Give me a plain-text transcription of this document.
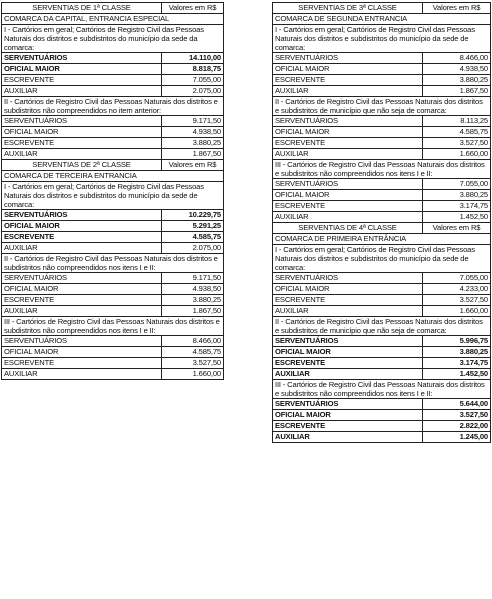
SERVENTIAS DE 1ª CLASSE	Valores em R$
COMARCA DA CAPITAL, ENTRANCIA ESPECIAL	
I - Cartórios em geral; Cartórios de Registro Civil das Pessoas Naturais dos distritos e subdistritos do município da sede da comarca:	
SERVENTUÁRIOS	14.110,00
OFICIAL MAIOR	8.818,75
ESCREVENTE	7.055,00
AUXILIAR	2.075,00
II - Cartórios de Registro Civil das Pessoas Naturais dos distritos e subdistritos não compreendidos no item anterior:	
SERVENTUÁRIOS	9.171,50
OFICIAL MAIOR	4.938,50
ESCREVENTE	3.880,25
AUXILIAR	1.867,50
SERVENTIAS DE 2ª CLASSE	Valores em R$
COMARCA DE TERCEIRA ENTRANCIA	
I - Cartórios em geral; Cartórios de Registro Civil das Pessoas Naturais dos distritos e subdistritos do município da sede de comarca:	
SERVENTUÁRIOS	10.229,75
OFICIAL MAIOR	5.291,25
ESCREVENTE	4.585,75
AUXILIAR	2.075,00
II - Cartórios de Registro Civil das Pessoas Naturais dos distritos e subdistritos não compreendidos nos itens I e II:	
SERVENTUÁRIOS	9.171,50
OFICIAL MAIOR	4.938,50
ESCREVENTE	3.880,25
AUXILIAR	1.867,50
III - Cartórios de Registro Civil das Pessoas Naturais dos distritos e subdistritos não compreendidos nos itens I e II:	
SERVENTUÁRIOS	8.466,00
OFICIAL MAIOR	4.585,75
ESCREVENTE	3.527,50
AUXILIAR	1.660,00
SERVENTIAS DE 3ª CLASSE	Valores em R$
COMARCA DE SEGUNDA ENTRANCIA	
I - Cartórios em geral; Cartórios de Registro Civil das Pessoas Naturais dos distritos e subdistritos do município da sede de comarca:	
SERVENTUÁRIOS	8.466,00
OFICIAL MAIOR	4.938,50
ESCREVENTE	3.880,25
AUXILIAR	1.867,50
II - Cartórios de Registro Civil das Pessoas Naturais dos distritos e subdistritos de município que não seja de comarca:	
SERVENTUÁRIOS	8.113,25
OFICIAL MAIOR	4.585,75
ESCREVENTE	3.527,50
AUXILIAR	1.660,00
III - Cartórios de Registro Civil das Pessoas Naturais dos distritos e subdistritos não compreendidos nos itens I e II:	
SERVENTUÁRIOS	7.055,00
OFICIAL MAIOR	3.880,25
ESCREVENTE	3.174,75
AUXILIAR	1.452,50
SERVENTIAS DE 4ª CLASSE	Valores em R$
COMARCA DE PRIMEIRA ENTRÂNCIA	
I - Cartórios em geral; Cartórios de Registro Civil das Pessoas Naturais dos distritos e subdistritos do município da sede de comarca:	
SERVENTUÁRIOS	7.055,00
OFICIAL MAIOR	4.233,00
ESCREVENTE	3.527,50
AUXILIAR	1.660,00
II - Cartórios de Registro Civil das Pessoas Naturais dos distritos e subdistritos de município que não seja de comarca:	
SERVENTUÁRIOS	5.996,75
OFICIAL MAIOR	3.880,25
ESCREVENTE	3.174,75
AUXILIAR	1.452,50
III - Cartórios de Registro Civil das Pessoas Naturais dos distritos e subdistritos não compreendidos nos itens I e II:	
SERVENTUÁRIOS	5.644,00
OFICIAL MAIOR	3.527,50
ESCREVENTE	2.822,00
AUXILIAR	1.245,00
